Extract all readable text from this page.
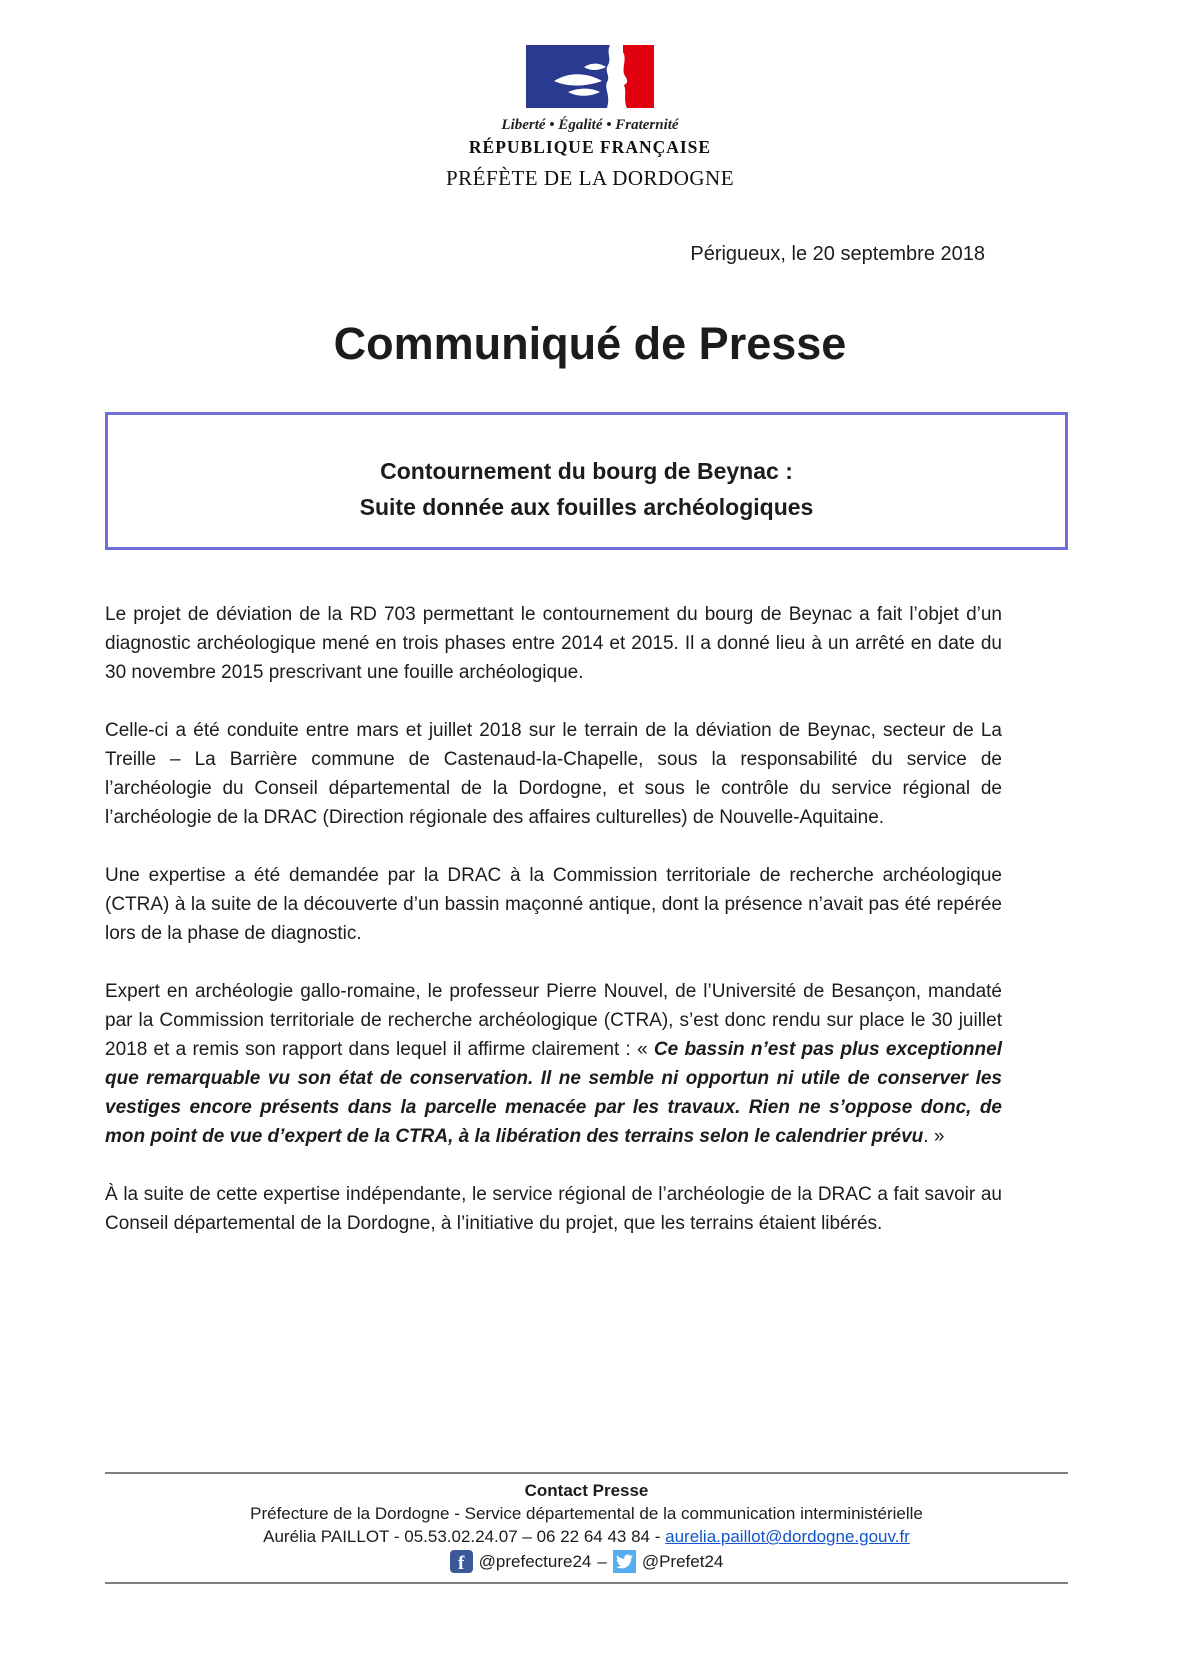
Liberté • Égalité • Fraternité
RÉPUBLIQUE FRANÇAISE
PRÉFÈTE DE LA DORDOGNE
Périgueux, le 20 septembre 2018
Communiqué de Presse
Contournement du bourg de Beynac :
Suite donnée aux fouilles archéologiques

Le projet de déviation de la RD 703 permettant le contournement du bourg de Beynac a fait l’objet d’un diagnostic archéologique mené en trois phases entre 2014 et 2015. Il a donné lieu à un arrêté en date du 30 novembre 2015 prescrivant une fouille archéologique.

Celle-ci a été conduite entre mars et juillet 2018 sur le terrain de la déviation de Beynac, secteur de La Treille – La Barrière commune de Castenaud-la-Chapelle, sous la responsabilité du service de l’archéologie du Conseil départemental de la Dordogne, et sous le contrôle du service régional de l’archéologie de la DRAC (Direction régionale des affaires culturelles) de Nouvelle-Aquitaine.

Une expertise a été demandée par la DRAC à la Commission territoriale de recherche archéologique (CTRA) à la suite de la découverte d’un bassin maçonné antique, dont la présence n’avait pas été repérée lors de la phase de diagnostic.

Expert en archéologie gallo-romaine, le professeur Pierre Nouvel, de l’Université de Besançon, mandaté par la Commission territoriale de recherche archéologique (CTRA), s’est donc rendu sur place le 30 juillet 2018 et a remis son rapport dans lequel il affirme clairement : « Ce bassin n’est pas plus exceptionnel que remarquable vu son état de conservation. Il ne semble ni opportun ni utile de conserver les vestiges encore présents dans la parcelle menacée par les travaux. Rien ne s’oppose donc, de mon point de vue d’expert de la CTRA, à la libération des terrains selon le calendrier prévu. »

À la suite de cette expertise indépendante, le service régional de l’archéologie de la DRAC a fait savoir au Conseil départemental de la Dordogne, à l’initiative du projet, que les terrains étaient libérés.

Contact Presse
Préfecture de la Dordogne - Service départemental de la communication interministérielle
Aurélia PAILLOT - 05.53.02.24.07 – 06 22 64 43 84 - aurelia.paillot@dordogne.gouv.fr
f @prefecture24 – @Prefet24
